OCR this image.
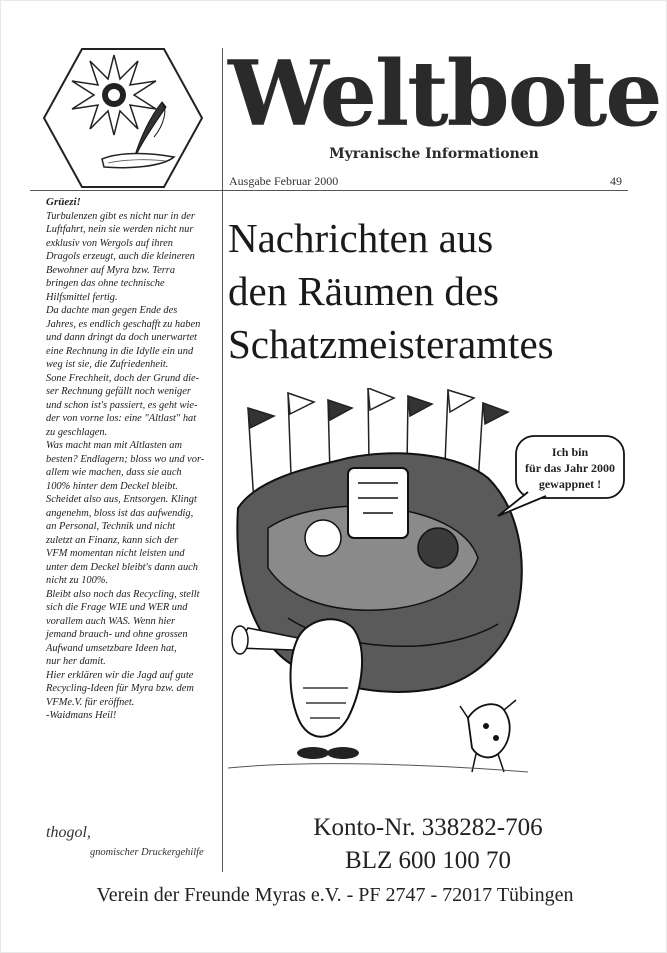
Weltbote
Myranische Informationen
Ausgabe Februar 2000	49

Grüezi!

Turbulenzen gibt es nicht nur in der

Luftfahrt, nein sie werden nicht nur

exklusiv von Wergols auf ihren

Dragols erzeugt, auch die kleineren

Bewohner auf Myra bzw. Terra

bringen das ohne technische

Hilfsmittel fertig.

Da dachte man gegen Ende des

Jahres, es endlich geschafft zu haben

und dann dringt da doch unerwartet

eine Rechnung in die Idylle ein und

weg ist sie, die Zufriedenheit.

Sone Frechheit, doch der Grund die-

ser Rechnung gefällt noch weniger

und schon ist's passiert, es geht wie-

der von vorne los: eine "Altlast" hat

zu geschlagen.

Was macht man mit Altlasten am

besten? Endlagern; bloss wo und vor-

allem wie machen, dass sie auch

100% hinter dem Deckel bleibt.

Scheidet also aus, Entsorgen. Klingt

angenehm, bloss ist das aufwendig,

an Personal, Technik und nicht

zuletzt an Finanz, kann sich der

VFM momentan nicht leisten und

unter dem Deckel bleibt's dann auch

nicht zu 100%.

Bleibt also noch das Recycling, stellt

sich die Frage WIE und WER und

vorallem auch WAS. Wenn hier

jemand brauch- und ohne grossen

Aufwand umsetzbare Ideen hat,

nur her damit.

Hier erklären wir die Jagd auf gute

Recycling-Ideen für Myra bzw. dem

VFMe.V. für eröffnet.

-Waidmans Heil!

thogol,
gnomischer Druckergehilfe
Nachrichten aus
den Räumen des
Schatzmeisteramtes
Ich bin
für das Jahr 2000
gewappnet !
Konto-Nr. 338282-706
BLZ 600 100 70
Verein der Freunde Myras e.V. - PF 2747 - 72017 Tübingen
